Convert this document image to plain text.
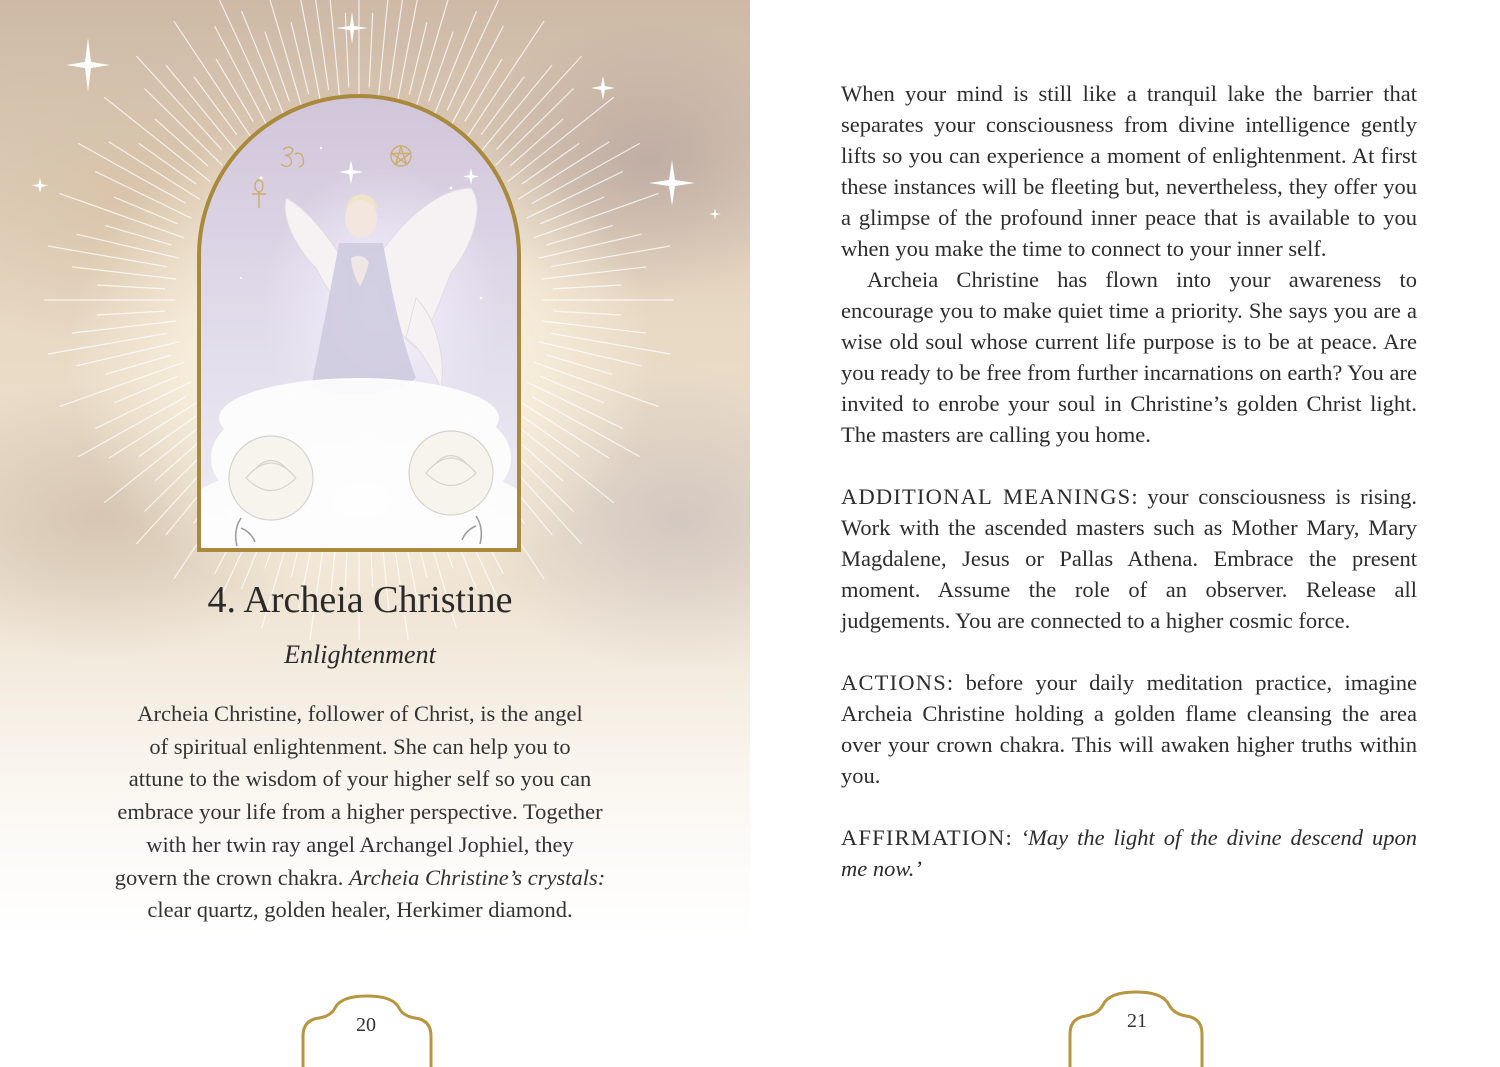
4. Archeia Christine

Enlightenment

Archeia Christine, follower of Christ, is the angel
of spiritual enlightenment. She can help you to
attune to the wisdom of your higher self so you can
embrace your life from a higher perspective. Together
with her twin ray angel Archangel Jophiel, they
govern the crown chakra. Archeia Christine’s crystals:
clear quartz, golden healer, Herkimer diamond.

20	21

When your mind is still like a tranquil lake the barrier that separates your consciousness from divine intelligence gently lifts so you can experience a moment of enlightenment. At first these instances will be fleeting but, nevertheless, they offer you a glimpse of the profound inner peace that is available to you when you make the time to connect to your inner self.

Archeia Christine has flown into your awareness to encourage you to make quiet time a priority. She says you are a wise old soul whose current life purpose is to be at peace. Are you ready to be free from further incarnations on earth? You are invited to enrobe your soul in Christine’s golden Christ light. The masters are calling you home.

ADDITIONAL MEANINGS: your consciousness is rising. Work with the ascended masters such as Mother Mary, Mary Magdalene, Jesus or Pallas Athena. Embrace the present moment. Assume the role of an observer. Release all judgements. You are connected to a higher cosmic force.

ACTIONS: before your daily meditation practice, imagine Archeia Christine holding a golden flame cleansing the area over your crown chakra. This will awaken higher truths within you.

AFFIRMATION: ‘May the light of the divine descend upon me now.’
